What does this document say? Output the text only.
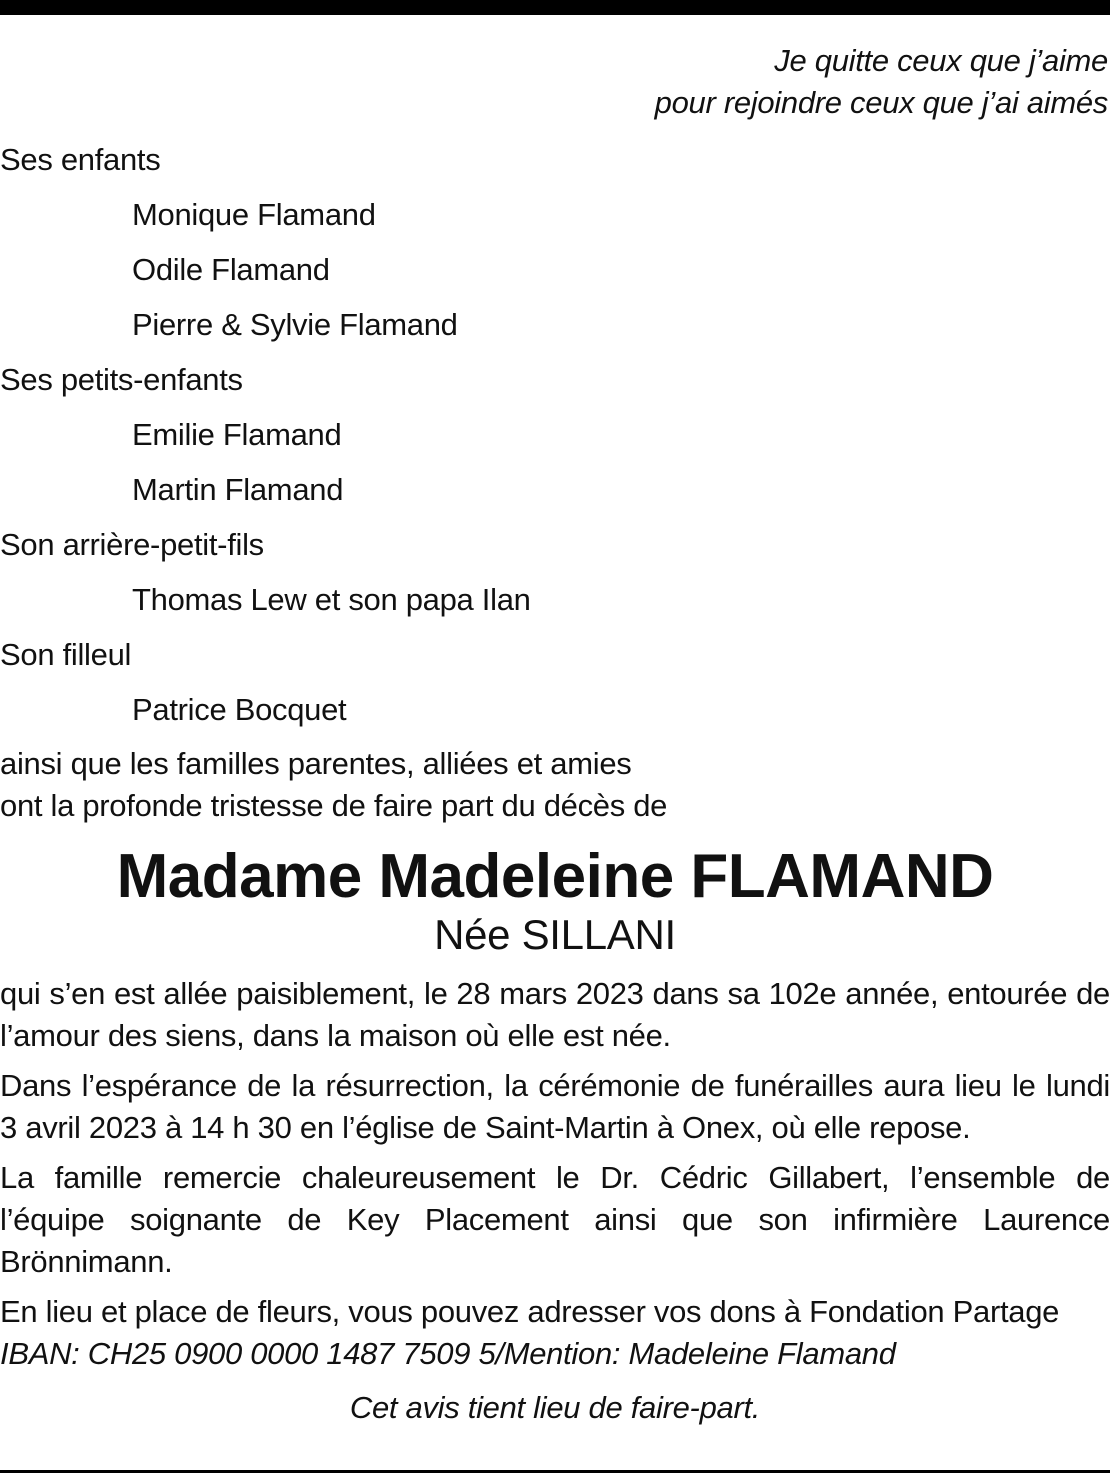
Je quitte ceux que j’aime
pour rejoindre ceux que j’ai aimés
Ses enfants
Monique Flamand
Odile Flamand
Pierre & Sylvie Flamand
Ses petits-enfants
Emilie Flamand
Martin Flamand
Son arrière-petit-fils
Thomas Lew et son papa Ilan
Son filleul
Patrice Bocquet
ainsi que les familles parentes, alliées et amies
ont la profonde tristesse de faire part du décès de
Madame Madeleine FLAMAND
Née SILLANI
qui s’en est allée paisiblement, le 28 mars 2023 dans sa 102e année, entourée de l’amour des siens, dans la maison où elle est née.
Dans l’espérance de la résurrection, la cérémonie de funérailles aura lieu le lundi 3 avril 2023 à 14 h 30 en l’église de Saint-Martin à Onex, où elle repose.
La famille remercie chaleureusement le Dr. Cédric Gillabert, l’ensemble de l’équipe soignante de Key Placement ainsi que son infirmière Laurence Brönnimann.
En lieu et place de fleurs, vous pouvez adresser vos dons à Fondation Partage
IBAN: CH25 0900 0000 1487 7509 5/Mention: Madeleine Flamand
Cet avis tient lieu de faire-part.
